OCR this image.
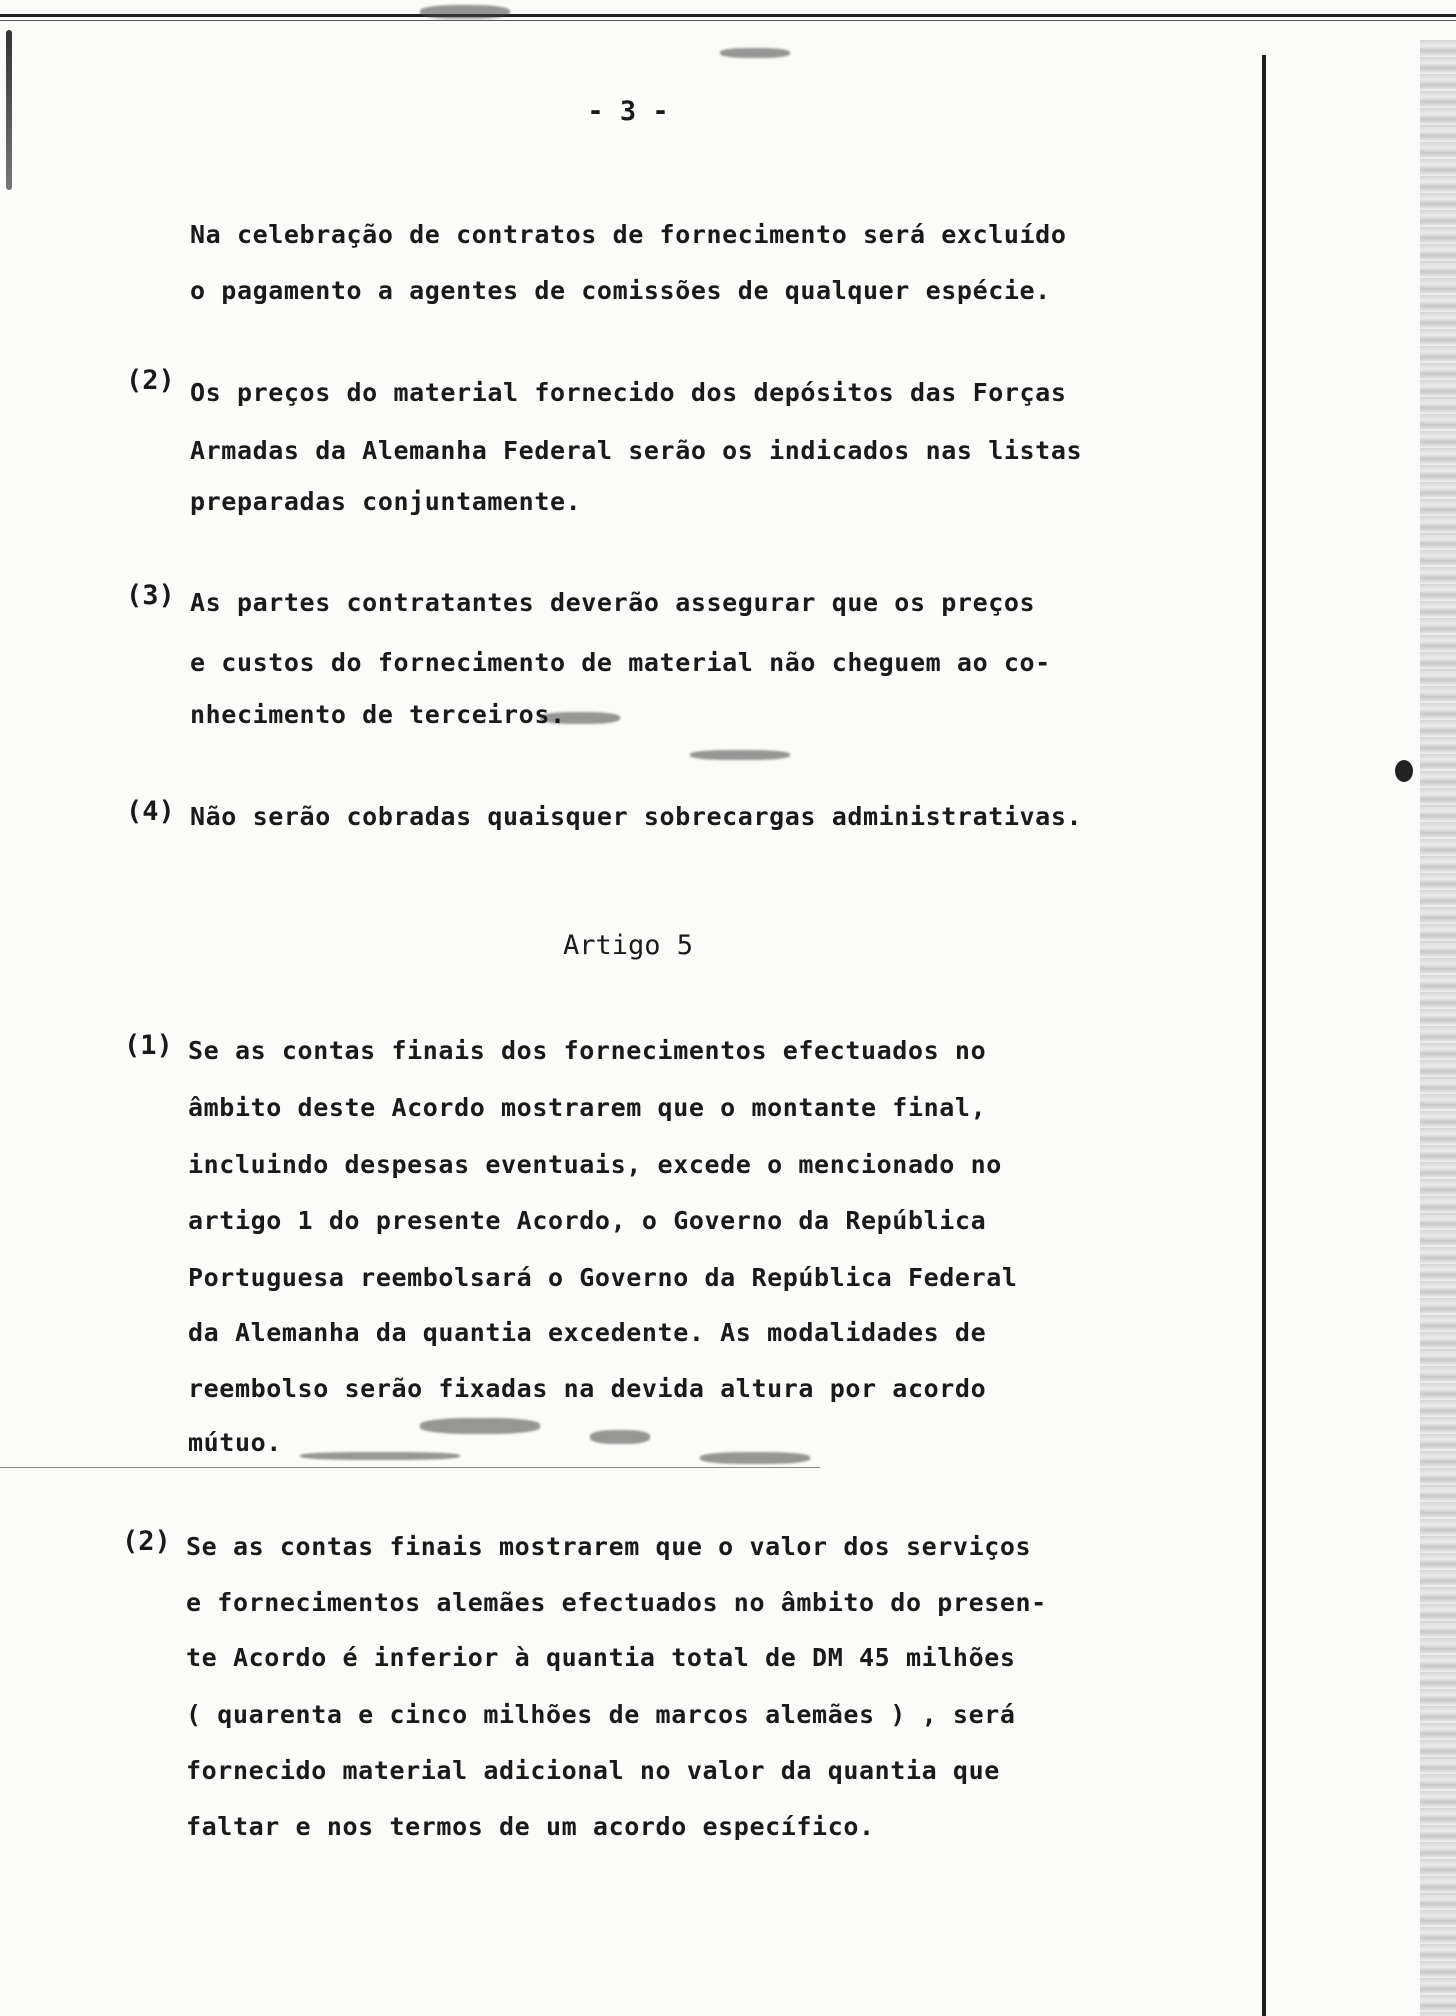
- 3 -
Na celebração de contratos de fornecimento será excluído
o pagamento a agentes de comissões de qualquer espécie.
(2) Os preços do material fornecido dos depósitos das Forças
Armadas da Alemanha Federal serão os indicados nas listas
preparadas conjuntamente.
(3) As partes contratantes deverão assegurar que os preços
e custos do fornecimento de material não cheguem ao co-
nhecimento de terceiros.
(4) Não serão cobradas quaisquer sobrecargas administrativas.
Artigo 5
(1) Se as contas finais dos fornecimentos efectuados no
âmbito deste Acordo mostrarem que o montante final,
incluindo despesas eventuais, excede o mencionado no
artigo 1 do presente Acordo, o Governo da República
Portuguesa reembolsará o Governo da República Federal
da Alemanha da quantia excedente. As modalidades de
reembolso serão fixadas na devida altura por acordo
mútuo.
(2) Se as contas finais mostrarem que o valor dos serviços
e fornecimentos alemães efectuados no âmbito do presen-
te Acordo é inferior à quantia total de DM 45 milhões
( quarenta e cinco milhões de marcos alemães ) , será
fornecido material adicional no valor da quantia que
faltar e nos termos de um acordo específico.
